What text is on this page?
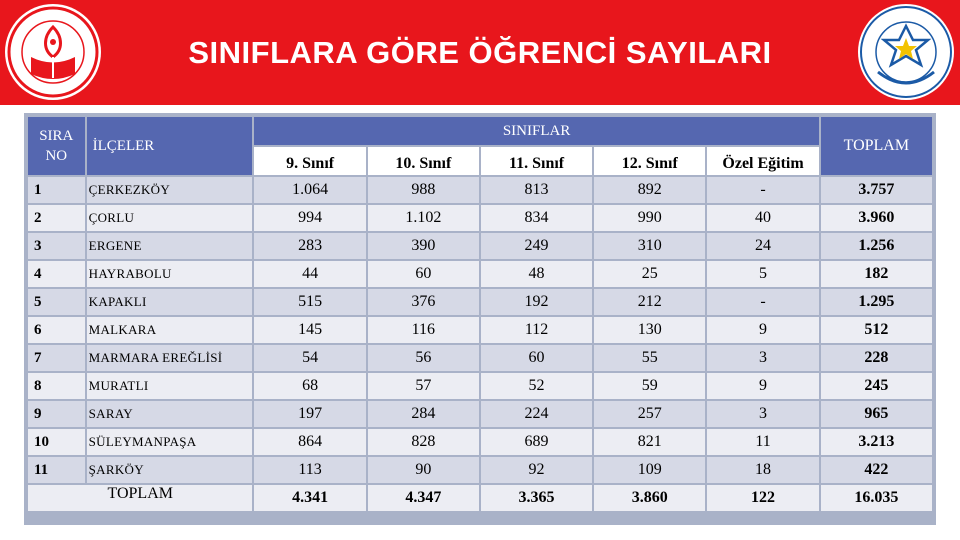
SINIFLARA GÖRE ÖĞRENCİ SAYILARI
SIRA NO	İLÇELER	SINIFLAR					TOPLAM
		9. Sınıf	10. Sınıf	11. Sınıf	12. Sınıf	Özel Eğitim	
1	ÇERKEZKÖY	1.064	988	813	892	-	3.757
2	ÇORLU	994	1.102	834	990	40	3.960
3	ERGENE	283	390	249	310	24	1.256
4	HAYRABOLU	44	60	48	25	5	182
5	KAPAKLI	515	376	192	212	-	1.295
6	MALKARA	145	116	112	130	9	512
7	MARMARA EREĞLİSİ	54	56	60	55	3	228
8	MURATLI	68	57	52	59	9	245
9	SARAY	197	284	224	257	3	965
10	SÜLEYMANPAŞA	864	828	689	821	11	3.213
11	ŞARKÖY	113	90	92	109	18	422
TOPLAM		4.341	4.347	3.365	3.860	122	16.035
